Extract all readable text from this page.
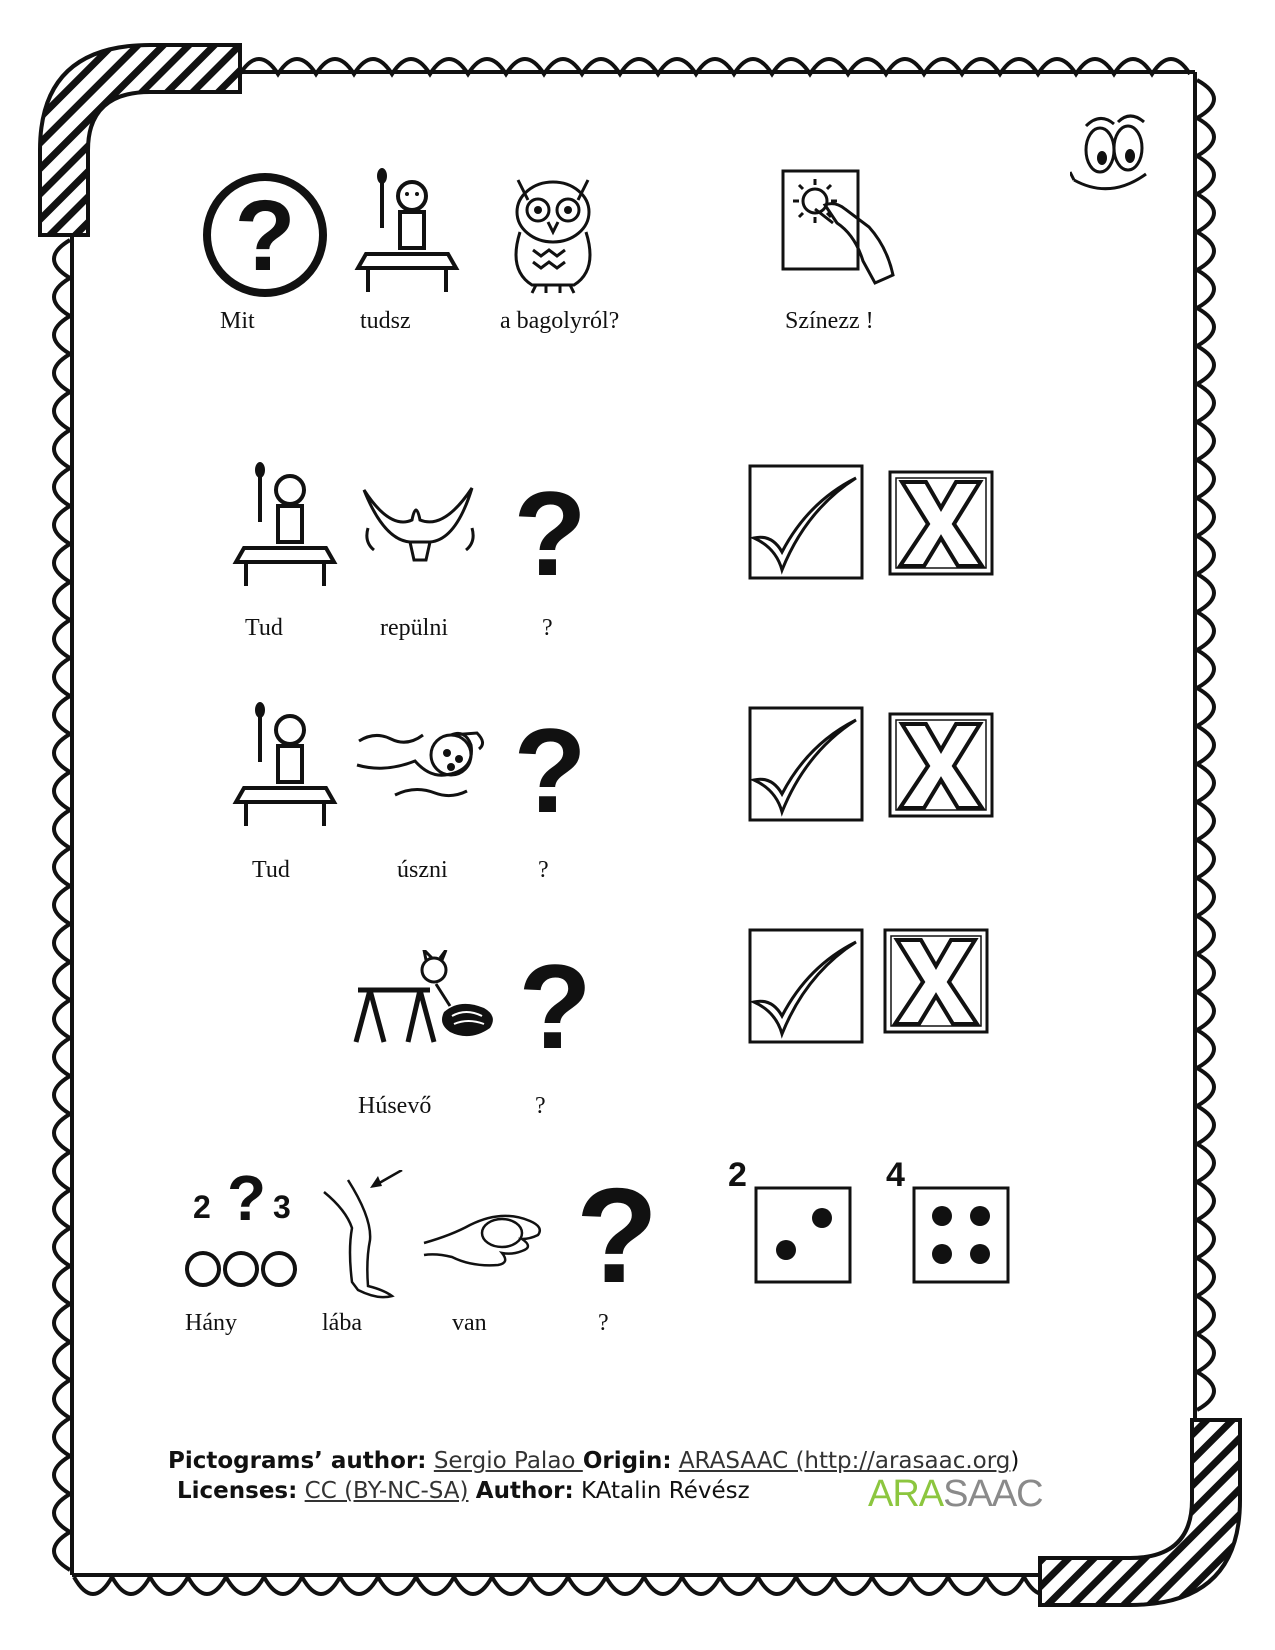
?
Mit	tudsz	a bagolyról?	Színezz !
?
Tud	repülni	?
?
Tud	úszni	?
?
Húsevő	?
2 ? 3 ?
Hány	lába	van	?
2	4
Pictograms’ author: Sergio Palao Origin: ARASAAC (http://arasaac.org)
Licenses: CC (BY-NC-SA) Author: KAtalin Révész	ARASAAC
